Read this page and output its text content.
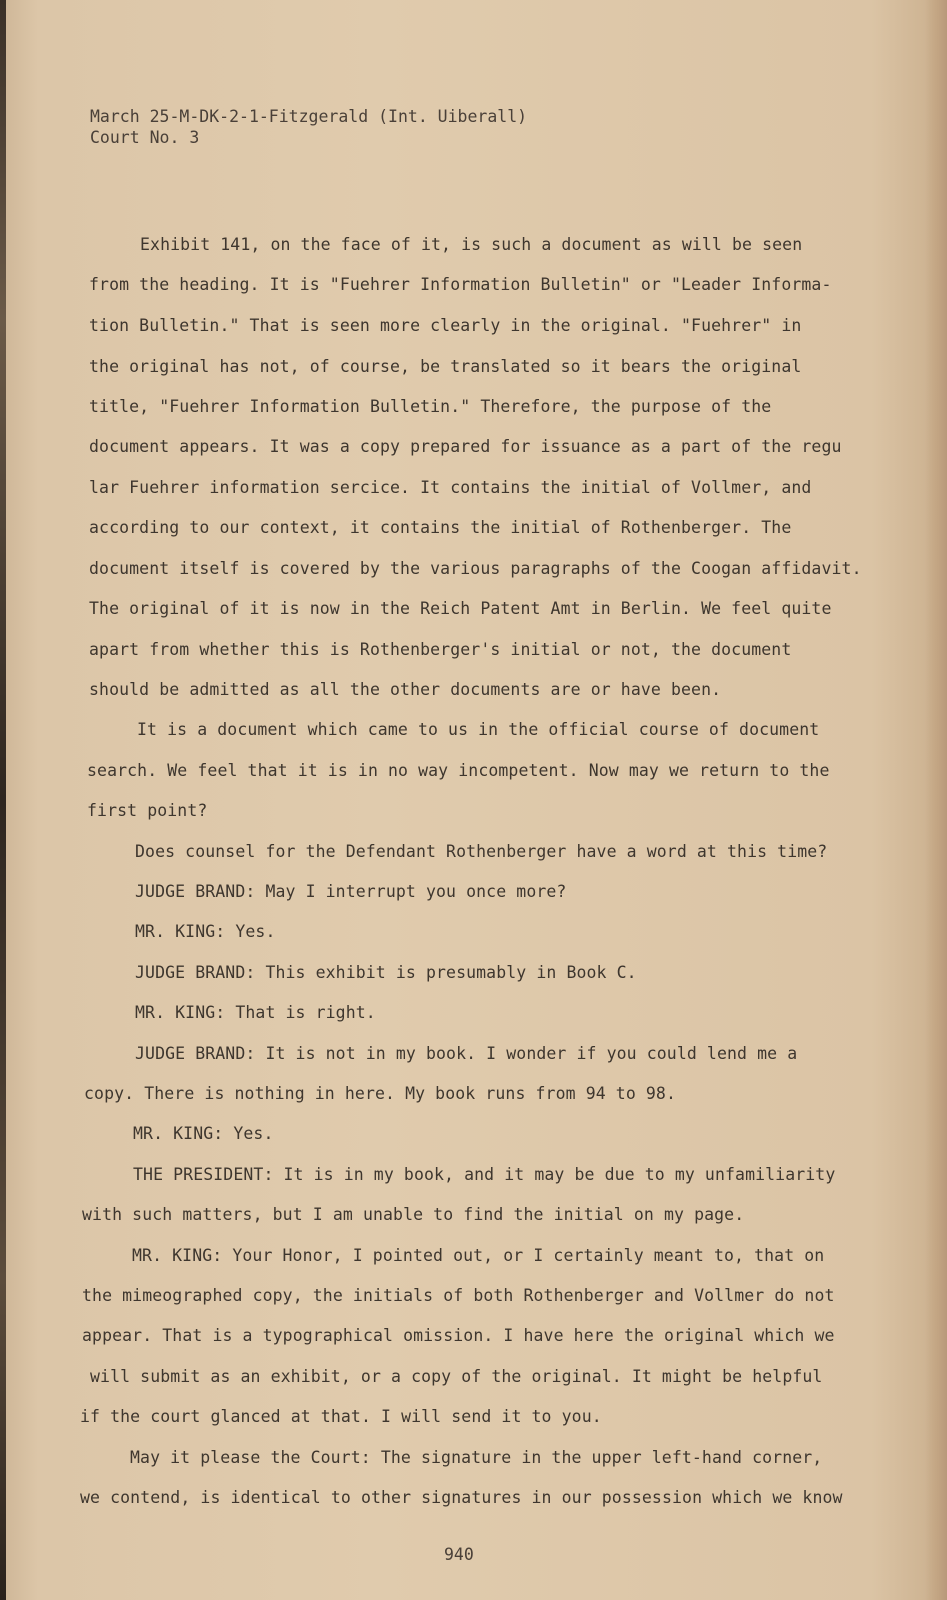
March 25-M-DK-2-1-Fitzgerald (Int. Uiberall)
Court No. 3
Exhibit 141, on the face of it, is such a document as will be seen
from the heading. It is "Fuehrer Information Bulletin" or "Leader Informa-
tion Bulletin." That is seen more clearly in the original. "Fuehrer" in
the original has not, of course, be translated so it bears the original
title, "Fuehrer Information Bulletin." Therefore, the purpose of the
document appears. It was a copy prepared for issuance as a part of the regu
lar Fuehrer information sercice. It contains the initial of Vollmer, and
according to our context, it contains the initial of Rothenberger. The
document itself is covered by the various paragraphs of the Coogan affidavit.
The original of it is now in the Reich Patent Amt in Berlin. We feel quite
apart from whether this is Rothenberger's initial or not, the document
should be admitted as all the other documents are or have been.
It is a document which came to us in the official course of document
search. We feel that it is in no way incompetent. Now may we return to the
first point?
Does counsel for the Defendant Rothenberger have a word at this time?
JUDGE BRAND: May I interrupt you once more?
MR. KING: Yes.
JUDGE BRAND: This exhibit is presumably in Book C.
MR. KING: That is right.
JUDGE BRAND: It is not in my book. I wonder if you could lend me a
copy. There is nothing in here. My book runs from 94 to 98.
MR. KING: Yes.
THE PRESIDENT: It is in my book, and it may be due to my unfamiliarity
with such matters, but I am unable to find the initial on my page.
MR. KING: Your Honor, I pointed out, or I certainly meant to, that on
the mimeographed copy, the initials of both Rothenberger and Vollmer do not
appear. That is a typographical omission. I have here the original which we
will submit as an exhibit, or a copy of the original. It might be helpful
if the court glanced at that. I will send it to you.
May it please the Court: The signature in the upper left-hand corner,
we contend, is identical to other signatures in our possession which we know
940
